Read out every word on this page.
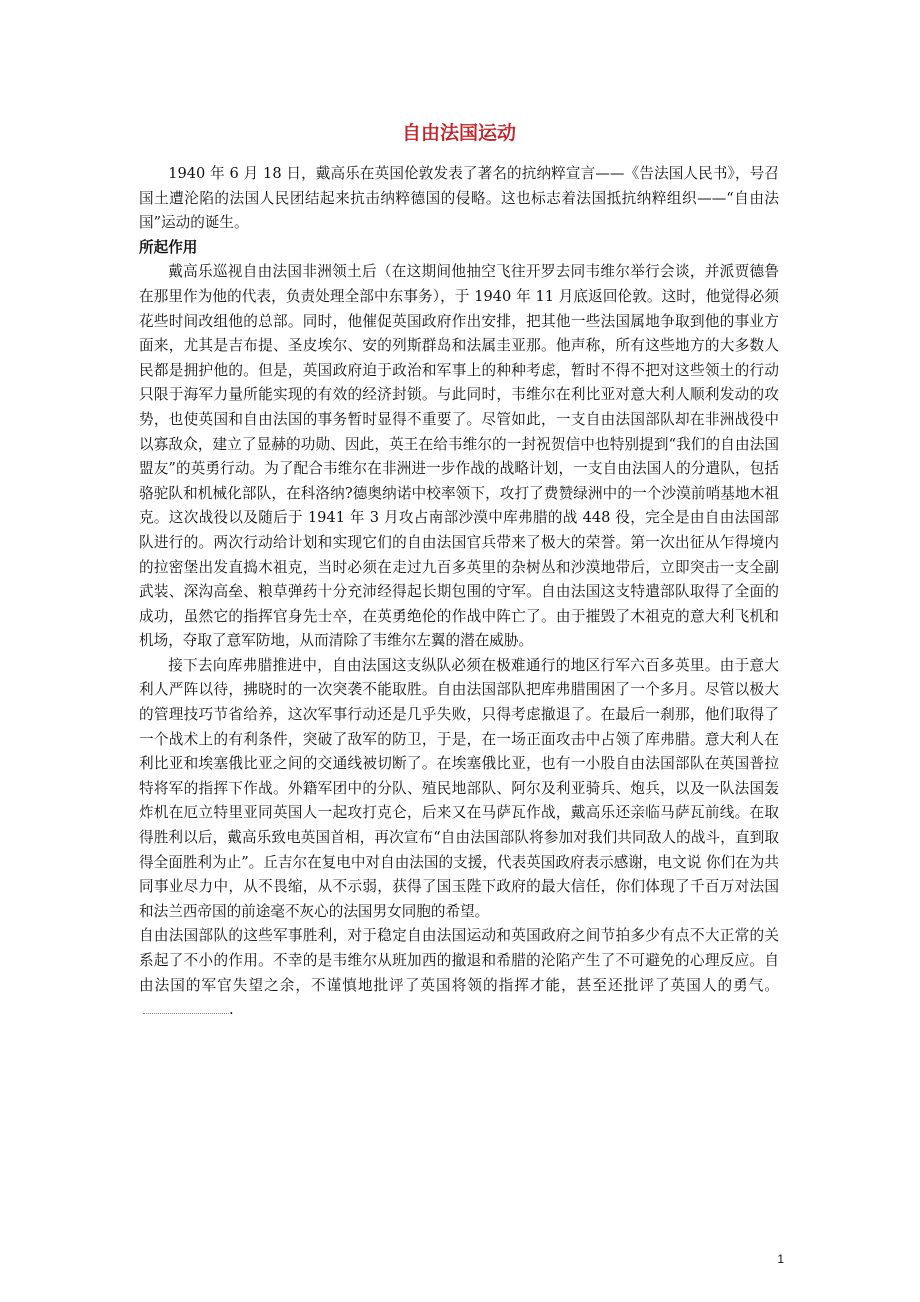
自由法国运动

1940 年 6 月 18 日，戴高乐在英国伦敦发表了著名的抗纳粹宣言——《告法国人民书》，号召国土遭沦陷的法国人民团结起来抗击纳粹德国的侵略。这也标志着法国抵抗纳粹组织——“自由法国”运动的诞生。

所起作用

戴高乐巡视自由法国非洲领土后（在这期间他抽空飞往开罗去同韦维尔举行会谈，并派贾德鲁在那里作为他的代表，负责处理全部中东事务），于 1940 年 11 月底返回伦敦。这时，他觉得必须花些时间改组他的总部。同时，他催促英国政府作出安排，把其他一些法国属地争取到他的事业方面来，尤其是吉布提、圣皮埃尔、安的列斯群岛和法属圭亚那。他声称，所有这些地方的大多数人民都是拥护他的。但是，英国政府迫于政治和军事上的种种考虑，暂时不得不把对这些领土的行动只限于海军力量所能实现的有效的经济封锁。与此同时，韦维尔在利比亚对意大利人顺利发动的攻势，也使英国和自由法国的事务暂时显得不重要了。尽管如此，一支自由法国部队却在非洲战役中以寡敌众，建立了显赫的功勋、因此，英王在给韦维尔的一封祝贺信中也特别提到“我们的自由法国盟友”的英勇行动。为了配合韦维尔在非洲进一步作战的战略计划，一支自由法国人的分遣队，包括骆驼队和机械化部队，在科洛纳?德奥纳诺中校率领下，攻打了费赞绿洲中的一个沙漠前哨基地木祖克。这次战役以及随后于 1941 年 3 月攻占南部沙漠中库弗腊的战 448 役，完全是由自由法国部队进行的。两次行动给计划和实现它们的自由法国官兵带来了极大的荣誉。第一次出征从乍得境内的拉密堡出发直捣木祖克，当时必须在走过九百多英里的杂树丛和沙漠地带后，立即突击一支全副武装、深沟高垒、粮草弹药十分充沛经得起长期包围的守军。自由法国这支特遣部队取得了全面的成功，虽然它的指挥官身先士卒，在英勇绝伦的作战中阵亡了。由于摧毁了木祖克的意大利飞机和机场，夺取了意军防地，从而清除了韦维尔左翼的潜在威胁。

接下去向库弗腊推进中，自由法国这支纵队必须在极难通行的地区行军六百多英里。由于意大利人严阵以待，拂晓时的一次突袭不能取胜。自由法国部队把库弗腊围困了一个多月。尽管以极大的管理技巧节省给养，这次军事行动还是几乎失败，只得考虑撤退了。在最后一刹那，他们取得了一个战术上的有利条件，突破了敌军的防卫，于是，在一场正面攻击中占领了库弗腊。意大利人在利比亚和埃塞俄比亚之间的交通线被切断了。在埃塞俄比亚，也有一小股自由法国部队在英国普拉特将军的指挥下作战。外籍军团中的分队、殖民地部队、阿尔及利亚骑兵、炮兵，以及一队法国轰炸机在厄立特里亚同英国人一起攻打克仑，后来又在马萨瓦作战，戴高乐还亲临马萨瓦前线。在取得胜利以后，戴高乐致电英国首相，再次宣布“自由法国部队将参加对我们共同敌人的战斗，直到取得全面胜利为止”。丘吉尔在复电中对自由法国的支援，代表英国政府表示感谢，电文说 你们在为共同事业尽力中，从不畏缩，从不示弱，获得了国玉陛下政府的最大信任，你们体现了千百万对法国和法兰西帝国的前途毫不灰心的法国男女同胞的希望。

自由法国部队的这些军事胜利，对于稳定自由法国运动和英国政府之间节拍多少有点不大正常的关系起了不小的作用。不幸的是韦维尔从班加西的撤退和希腊的沦陷产生了不可避免的心理反应。自由法国的军官失望之余，不谨慎地批评了英国将领的指挥才能，甚至还批评了英国人的勇气。.

1
